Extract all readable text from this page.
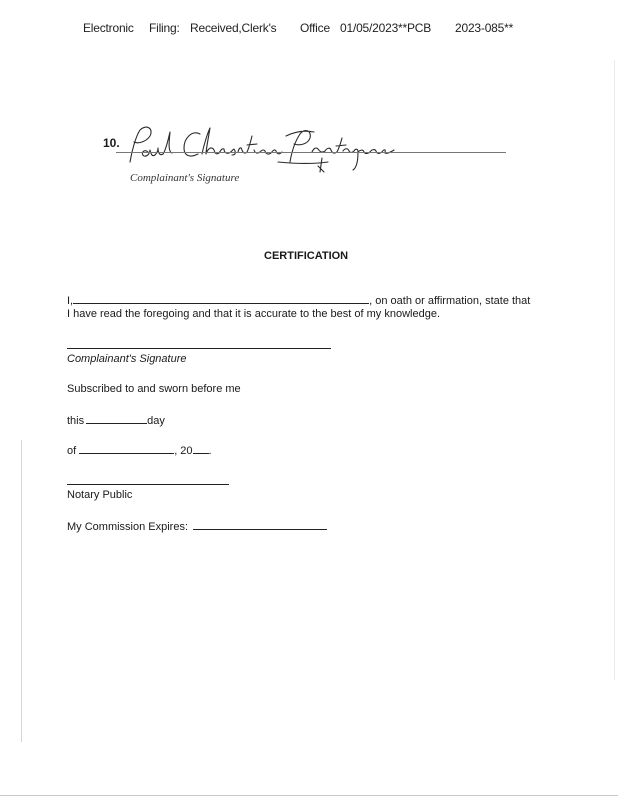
Electronic Filing: Received,Clerk's Office 01/05/2023**PCB 2023-085**
10.
Complainant's Signature
CERTIFICATION
I,	, on oath or affirmation, state that
I have read the foregoing and that it is accurate to the best of my knowledge.
Complainant's Signature
Subscribed to and sworn before me
this	day
of	, 20 .
Notary Public
My Commission Expires:
